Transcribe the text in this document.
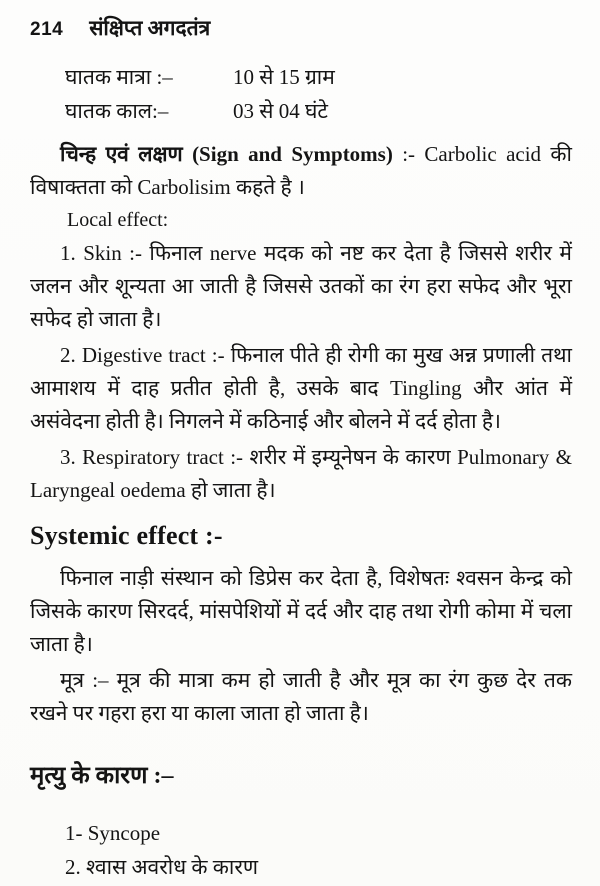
214 संक्षिप्त अगदतंत्र
घातक मात्रा :–	10 से 15 ग्राम
घातक काल:–	03 से 04 घंटे

चिन्ह एवं लक्षण (Sign and Symptoms) :- Carbolic acid की विषाक्तता को Carbolisim कहते है ।

Local effect:

1. Skin :- फिनाल nerve मदक को नष्ट कर देता है जिससे शरीर में जलन और शून्यता आ जाती है जिससे उतकों का रंग हरा सफेद और भूरा सफेद हो जाता है।

2. Digestive tract :- फिनाल पीते ही रोगी का मुख अन्न प्रणाली तथा आमाशय में दाह प्रतीत होती है, उसके बाद Tingling और आंत में असंवेदना होती है। निगलने में कठिनाई और बोलने में दर्द होता है।

3. Respiratory tract :- शरीर में इम्यूनेषन के कारण Pulmonary & Laryngeal oedema हो जाता है।

Systemic effect :-

फिनाल नाड़ी संस्थान को डिप्रेस कर देता है, विशेषतः श्वसन केन्द्र को जिसके कारण सिरदर्द, मांसपेशियों में दर्द और दाह तथा रोगी कोमा में चला जाता है।

मूत्र :– मूत्र की मात्रा कम हो जाती है और मूत्र का रंग कुछ देर तक रखने पर गहरा हरा या काला जाता हो जाता है।

मृत्यु के कारण :–
1- Syncope
2. श्वास अवरोध के कारण
